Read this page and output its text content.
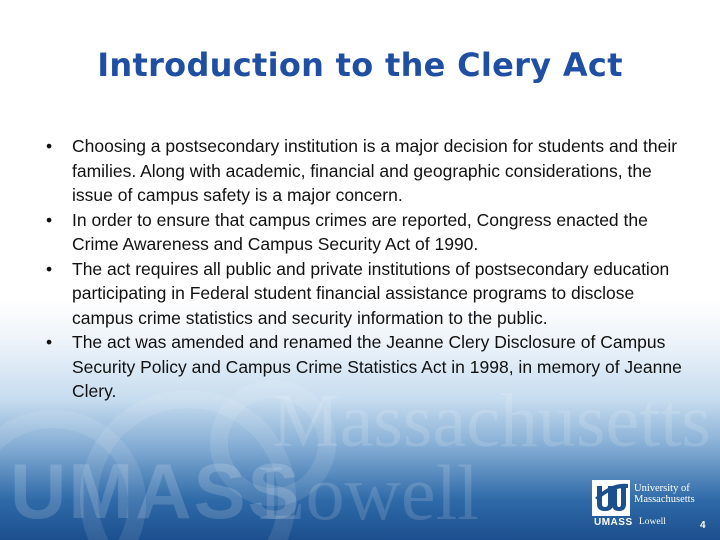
Massachusetts
UMASS
Lowell
Introduction to the Clery Act
•	Choosing a postsecondary institution is a major decision for students and their families. Along with academic, financial and geographic considerations, the issue of campus safety is a major concern.
•	In order to ensure that campus crimes are reported, Congress enacted the Crime Awareness and Campus Security Act of 1990.
•	The act requires all public and private institutions of postsecondary education participating in Federal student financial assistance programs to disclose campus crime statistics and security information to the public.
•	The act was amended and renamed the Jeanne Clery Disclosure of Campus Security Policy and Campus Crime Statistics Act in 1998, in memory of Jeanne Clery.
University of
Massachusetts
UMASS Lowell	4
